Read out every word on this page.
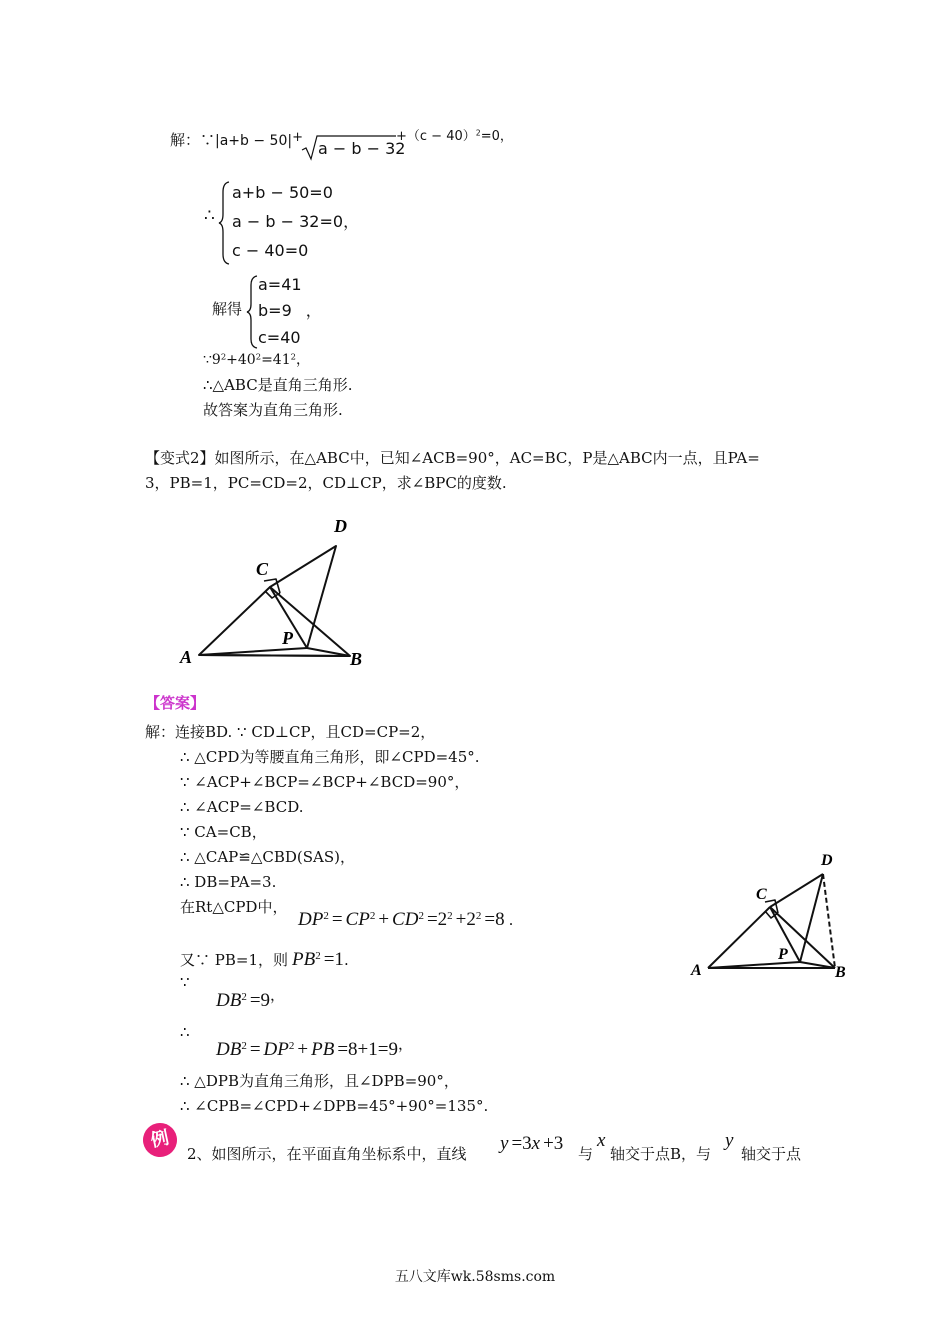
解：∵|a+b − 50|+
a − b − 32
$+(c - 40)^2=0$，
∴
a+b − 50=0
a − b − 32=0，
c − 40=0
解得
a=41
b=9 ，
c=40
$\because 9^2+40^2=41^2$，
∴△ABC是直角三角形.
故答案为直角三角形.
【变式2】如图所示，在△ABC中，已知∠ACB=90°，AC=BC，P是△ABC内一点，且PA=
3，PB=1，PC=CD=2，CD⊥CP，求∠BPC的度数.
A	B
C
D
P
【答案】
解：连接BD. ∵ CD⊥CP，且CD=CP=2，
∴ △CPD为等腰直角三角形，即∠CPD=45°.
∵ ∠ACP+∠BCP=∠BCP+∠BCD=90°，
∴ ∠ACP=∠BCD.
∵ CA=CB，
∴ △CAP≌△CBD(SAS)，
∴ DB=PA=3.
在Rt△CPD中，
$DP^2 = CP^2 + CD^2 =2^2 +2^2 =8$ .
又∵ PB=1，则 $PB^2 =1$.
∵
$DB^2 =9$，
∴
$DB^2 = DP^2$ + PB =8+1=9，
∴ △DPB为直角三角形，且∠DPB=90°，
∴ ∠CPB=∠CPD+∠DPB=45°+90°=135°.
A	B
C
D
P
例
2、如图所示，在平面直角坐标系中，直线 y =3x +3 与
x
轴交于点B，与
y
轴交于点
五八文库wk.58sms.com
